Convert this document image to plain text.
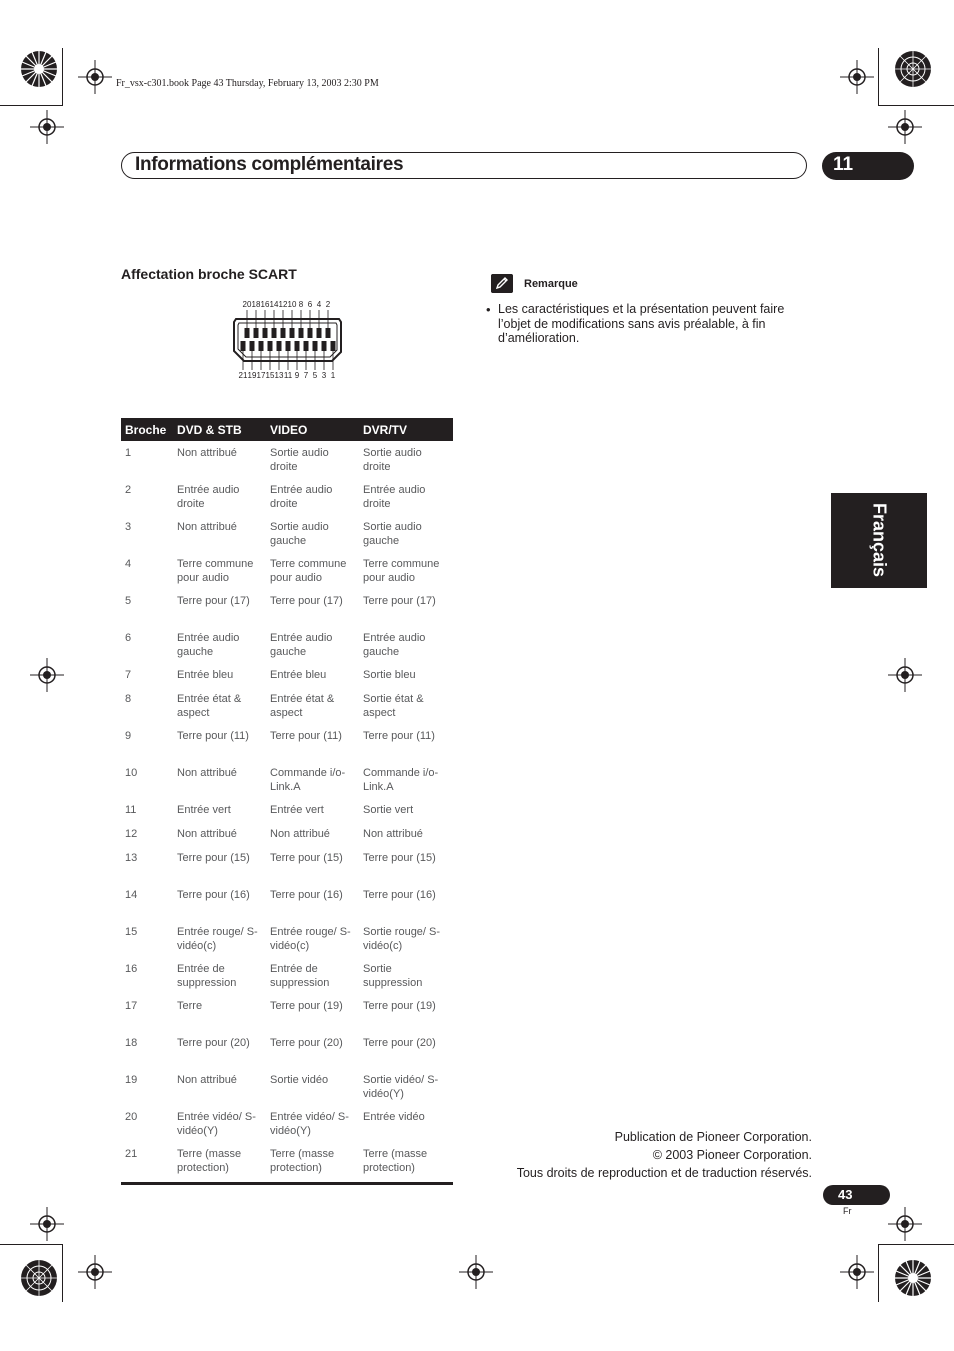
Fr_vsx-c301.book Page 43 Thursday, February 13, 2003 2:30 PM
Informations complémentaires	11
Affectation broche SCART
20 18 16 14 12 10 8 6 4 2
21 19 17 15 13 11 9 7 5 3 1
Broche	DVD & STB	VIDEO	DVR/TV
1	Non attribué	Sortie audio droite	Sortie audio droite
2	Entrée audio droite	Entrée audio droite	Entrée audio droite
3	Non attribué	Sortie audio gauche	Sortie audio gauche
4	Terre commune pour audio	Terre commune pour audio	Terre commune pour audio
5	Terre pour (17)	Terre pour (17)	Terre pour (17)
6	Entrée audio gauche	Entrée audio gauche	Entrée audio gauche
7	Entrée bleu	Entrée bleu	Sortie bleu
8	Entrée état & aspect	Entrée état & aspect	Sortie état & aspect
9	Terre pour (11)	Terre pour (11)	Terre pour (11)
10	Non attribué	Commande i/o-Link.A	Commande i/o-Link.A
11	Entrée vert	Entrée vert	Sortie vert
12	Non attribué	Non attribué	Non attribué
13	Terre pour (15)	Terre pour (15)	Terre pour (15)
14	Terre pour (16)	Terre pour (16)	Terre pour (16)
15	Entrée rouge/ S-vidéo(c)	Entrée rouge/ S-vidéo(c)	Sortie rouge/ S-vidéo(c)
16	Entrée de suppression	Entrée de suppression	Sortie suppression
17	Terre	Terre pour (19)	Terre pour (19)
18	Terre pour (20)	Terre pour (20)	Terre pour (20)
19	Non attribué	Sortie vidéo	Sortie vidéo/ S-vidéo(Y)
20	Entrée vidéo/ S-vidéo(Y)	Entrée vidéo/ S-vidéo(Y)	Entrée vidéo
21	Terre (masse protection)	Terre (masse protection)	Terre (masse protection)
Remarque
• Les caractéristiques et la présentation peuvent faire l’objet de modifications sans avis préalable, à fin d’amélioration.
Français
Publication de Pioneer Corporation.
© 2003 Pioneer Corporation.
Tous droits de reproduction et de traduction réservés.
43
Fr
